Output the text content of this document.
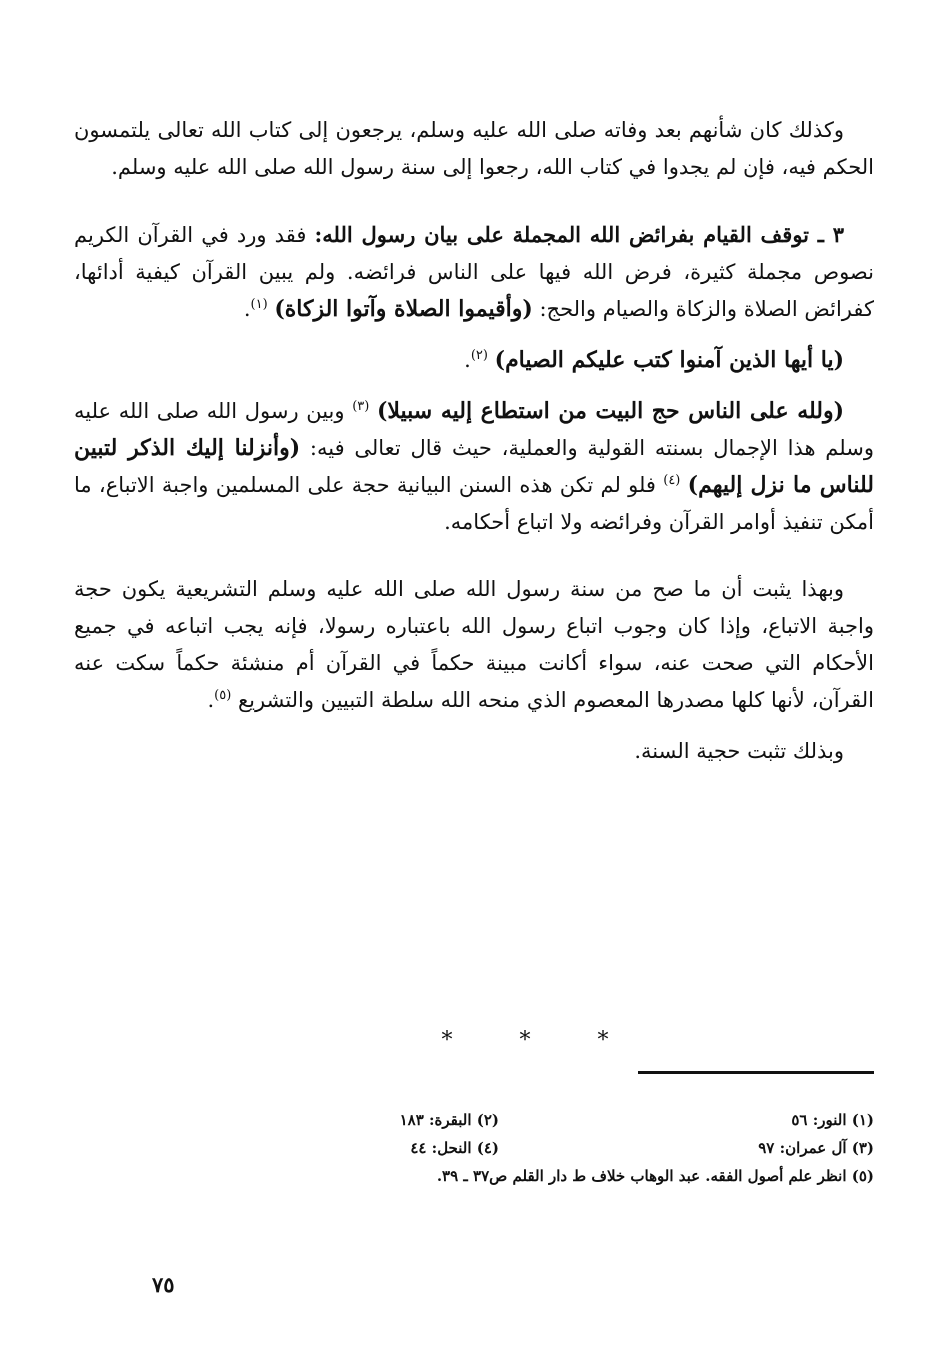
وكذلك كان شأنهم بعد وفاته صلى الله عليه وسلم، يرجعون إلى كتاب الله تعالى يلتمسون الحكم فيه، فإن لم يجدوا في كتاب الله، رجعوا إلى سنة رسول الله صلى الله عليه وسلم.

٣ ـ توقف القيام بفرائض الله المجملة على بيان رسول الله: فقد ورد في القرآن الكريم نصوص مجملة كثيرة، فرض الله فيها على الناس فرائضه. ولم يبين القرآن كيفية أدائها، كفرائض الصلاة والزكاة والصيام والحج: (وأقيموا الصلاة وآتوا الزكاة) $^{(١)}$.

(يا أيها الذين آمنوا كتب عليكم الصيام) $^{(٢)}$.

(ولله على الناس حج البيت من استطاع إليه سبيلا) $^{(٣)}$ وبين رسول الله صلى الله عليه وسلم هذا الإجمال بسنته القولية والعملية، حيث قال تعالى فيه: (وأنزلنا إليك الذكر لتبين للناس ما نزل إليهم) $^{(٤)}$ فلو لم تكن هذه السنن البيانية حجة على المسلمين واجبة الاتباع، ما أمكن تنفيذ أوامر القرآن وفرائضه ولا اتباع أحكامه.

وبهذا يثبت أن ما صح من سنة رسول الله صلى الله عليه وسلم التشريعية يكون حجة واجبة الاتباع، وإذا كان وجوب اتباع رسول الله باعتباره رسولا، فإنه يجب اتباعه في جميع الأحكام التي صحت عنه، سواء أكانت مبينة حكماً في القرآن أم منشئة حكماً سكت عنه القرآن، لأنها كلها مصدرها المعصوم الذي منحه الله سلطة التبيين والتشريع $^{(٥)}$.

وبذلك تثبت حجية السنة.

* * *
(١) النور: ٥٦
(٢) البقرة: ١٨٣
(٣) آل عمران: ٩٧
(٤) النحل: ٤٤
(٥) انظر علم أصول الفقه. عبد الوهاب خلاف ط دار القلم ص٣٧ ـ ٣٩.
٧٥
